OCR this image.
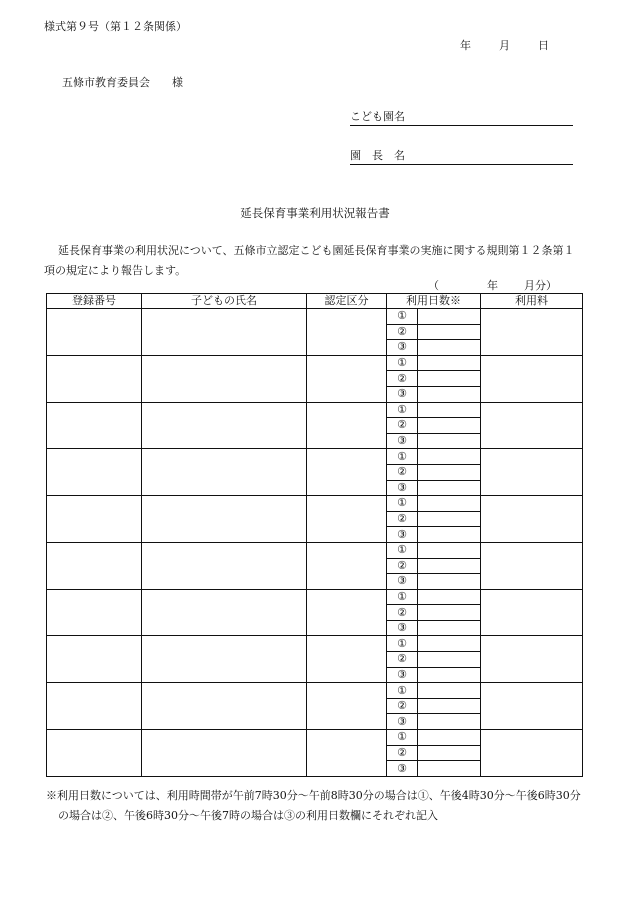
様式第９号（第１２条関係）
年	月	日
五條市教育委員会 様
こども園名
園　長　名
延長保育事業利用状況報告書
延長保育事業の利用状況について、五條市立認定こども園延長保育事業の実施に関する規則第１２条第１項の規定により報告します。
（	年 月分）
登録番号	子どもの氏名	認定区分	利用日数※		利用料
			①		
			②		
			③		
			①		
			②		
			③		
			①		
			②		
			③		
			①		
			②		
			③		
			①		
			②		
			③		
			①		
			②		
			③		
			①		
			②		
			③		
			①		
			②		
			③		
			①		
			②		
			③		
			①		
			②		
			③		
※利用日数については、利用時間帯が午前7時30分～午前8時30分の場合は①、午後4時30分～午後6時30分
の場合は②、午後6時30分～午後7時の場合は③の利用日数欄にそれぞれ記入
